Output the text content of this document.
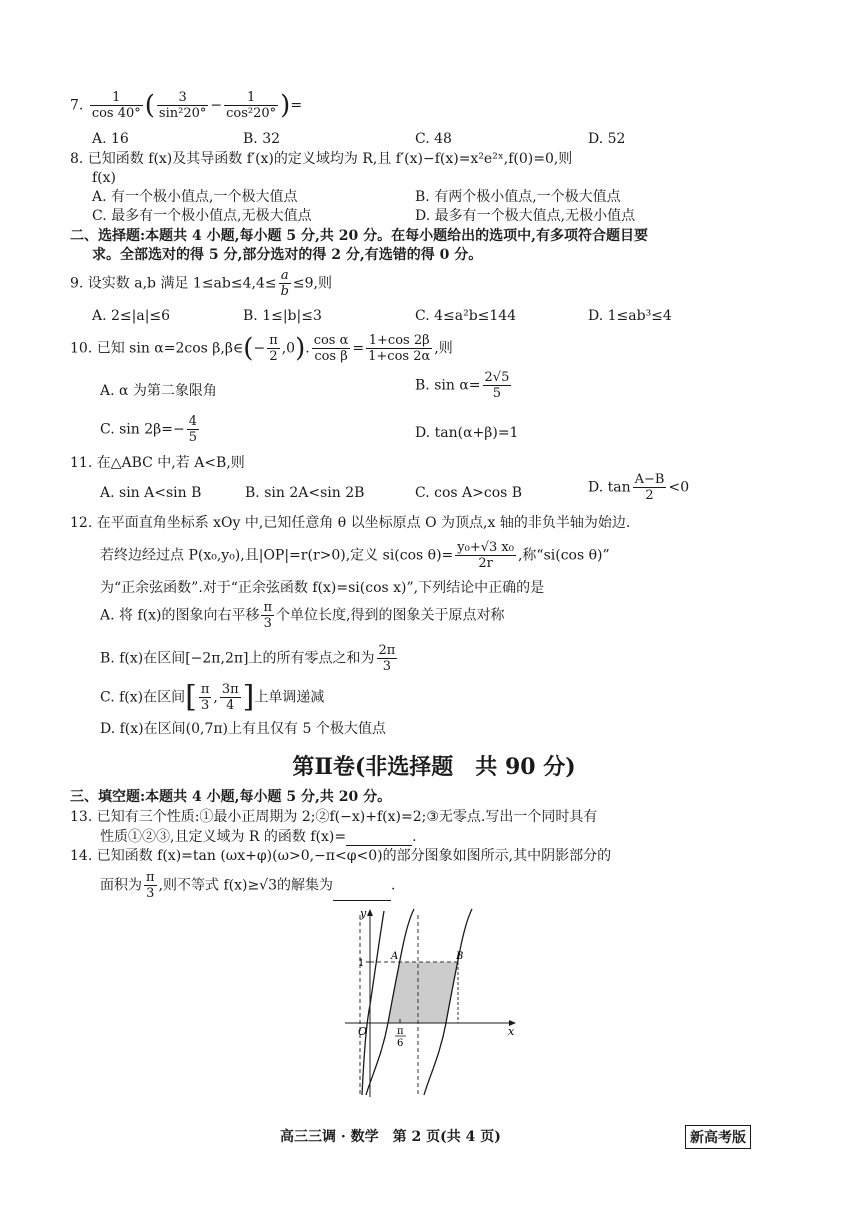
7. $\frac{1}{\cos 40^\circ}$ ( $\frac{3}{\text{sin²20°}} - \frac{1}{\text{cos²20°}}$ )=
A. 16	B. 32	C. 48	D. 52
8. 已知函数 f(x)及其导函数 f′(x)的定义域均为 R,且 f′(x)−f(x)=x²e²ˣ,f(0)=0,则
f(x)
A. 有一个极小值点,一个极大值点	B. 有两个极小值点,一个极大值点
C. 最多有一个极小值点,无极大值点	D. 最多有一个极大值点,无极小值点
二、选择题:本题共 4 小题,每小题 5 分,共 20 分。在每小题给出的选项中,有多项符合题目要
求。全部选对的得 5 分,部分选对的得 2 分,有选错的得 0 分。
9. 设实数 a,b 满足 $1\le ab\le 4,4\le \frac{a}{b} \le 9$,则
A. 2≤|a|≤6	B. 1≤|b|≤3	C. 4≤a²b≤144	D. 1≤ab³≤4
10. 已知 sin α=2cos β,β∈(− $\frac{\pi}{2} ,0$). $\frac{\text{cos α}}{\text{cos β}} = \frac{1+\cos 2\beta}{1+\cos 2\alpha}$ ,则
A. α 为第二象限角	B. $\sin \alpha= \frac{2√5}{5}$
C. $\sin 2\beta=- \frac{4}{5}$	D. tan(α+β)=1
11. 在△ABC 中,若 A<B,则
A. sin A<sin B	B. sin 2A<sin 2B	C. cos A>cos B	D. $\tan \frac{A-B}{2} <0$
12. 在平面直角坐标系 xOy 中,已知任意角 θ 以坐标原点 O 为顶点,x 轴的非负半轴为始边.
若终边经过点 P(x₀,y₀),且|OP|=r(r>0),定义 si(cos $\theta)= \frac{\text{y₀+√3 x₀}}{2r}$ ,称“si(cos θ)”
为“正余弦函数”.对于“正余弦函数 f(x)=si(cos x)”,下列结论中正确的是
A. 将 f(x)的图象向右平移 $\frac{\pi}{3}$ 个单位长度,得到的图象关于原点对称
B. f(x)在区间[−2π,2π]上的所有零点之和为 $\frac{2\pi}{3}$
C. f(x)在区间[ $\frac{\pi}{3}$ , $\frac{3\pi}{4}$ ]上单调递减
D. f(x)在区间(0,7π)上有且仅有 5 个极大值点
第Ⅱ卷(非选择题　共 90 分)
三、填空题:本题共 4 小题,每小题 5 分,共 20 分。
13. 已知有三个性质:①最小正周期为 2;②f(−x)+f(x)=2;③无零点.写出一个同时具有
性质①②③,且定义域为 R 的函数 f(x)=	.
14. 已知函数 f(x)=tan (ωx+φ)(ω>0,−π<φ<0)的部分图象如图所示,其中阴影部分的
面积为 $\frac{\pi}{3}$ ,则不等式 f(x)≥√3的解集为	.
y
x
O
1
A	B
π
6
高三三调 · 数学　第 2 页(共 4 页)	新高考版
